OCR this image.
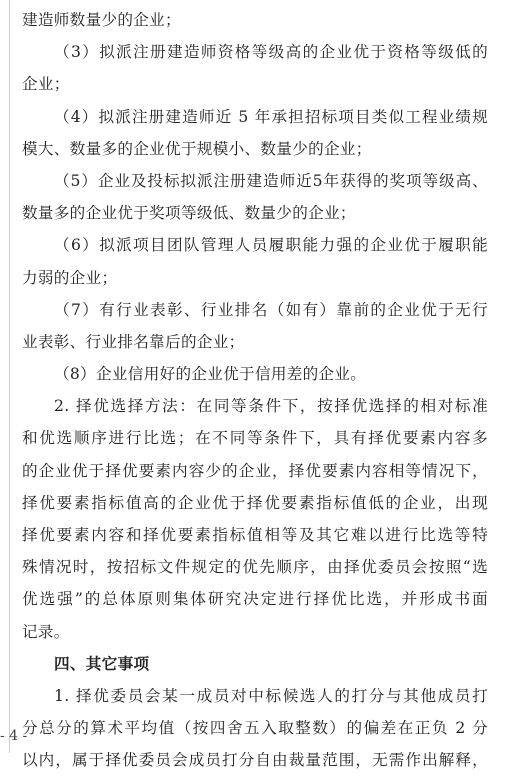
建造师数量少的企业；
（3）拟派注册建造师资格等级高的企业优于资格等级低的
企业；
（4）拟派注册建造师近 5 年承担招标项目类似工程业绩规
模大、数量多的企业优于规模小、数量少的企业；
（5）企业及投标拟派注册建造师近5年获得的奖项等级高、
数量多的企业优于奖项等级低、数量少的企业；
（6）拟派项目团队管理人员履职能力强的企业优于履职能
力弱的企业；
（7）有行业表彰、行业排名（如有）靠前的企业优于无行
业表彰、行业排名靠后的企业；
（8）企业信用好的企业优于信用差的企业。
2. 择优选择方法：在同等条件下，按择优选择的相对标准
和优选顺序进行比选；在不同等条件下，具有择优要素内容多
的企业优于择优要素内容少的企业，择优要素内容相等情况下，
择优要素指标值高的企业优于择优要素指标值低的企业，出现
择优要素内容和择优要素指标值相等及其它难以进行比选等特
殊情况时，按招标文件规定的优先顺序，由择优委员会按照“选
优选强”的总体原则集体研究决定进行择优比选，并形成书面
记录。
四、其它事项
1. 择优委员会某一成员对中标候选人的打分与其他成员打
分总分的算术平均值（按四舍五入取整数）的偏差在正负 2 分
以内，属于择优委员会成员打分自由裁量范围，无需作出解释，
- 4 -
